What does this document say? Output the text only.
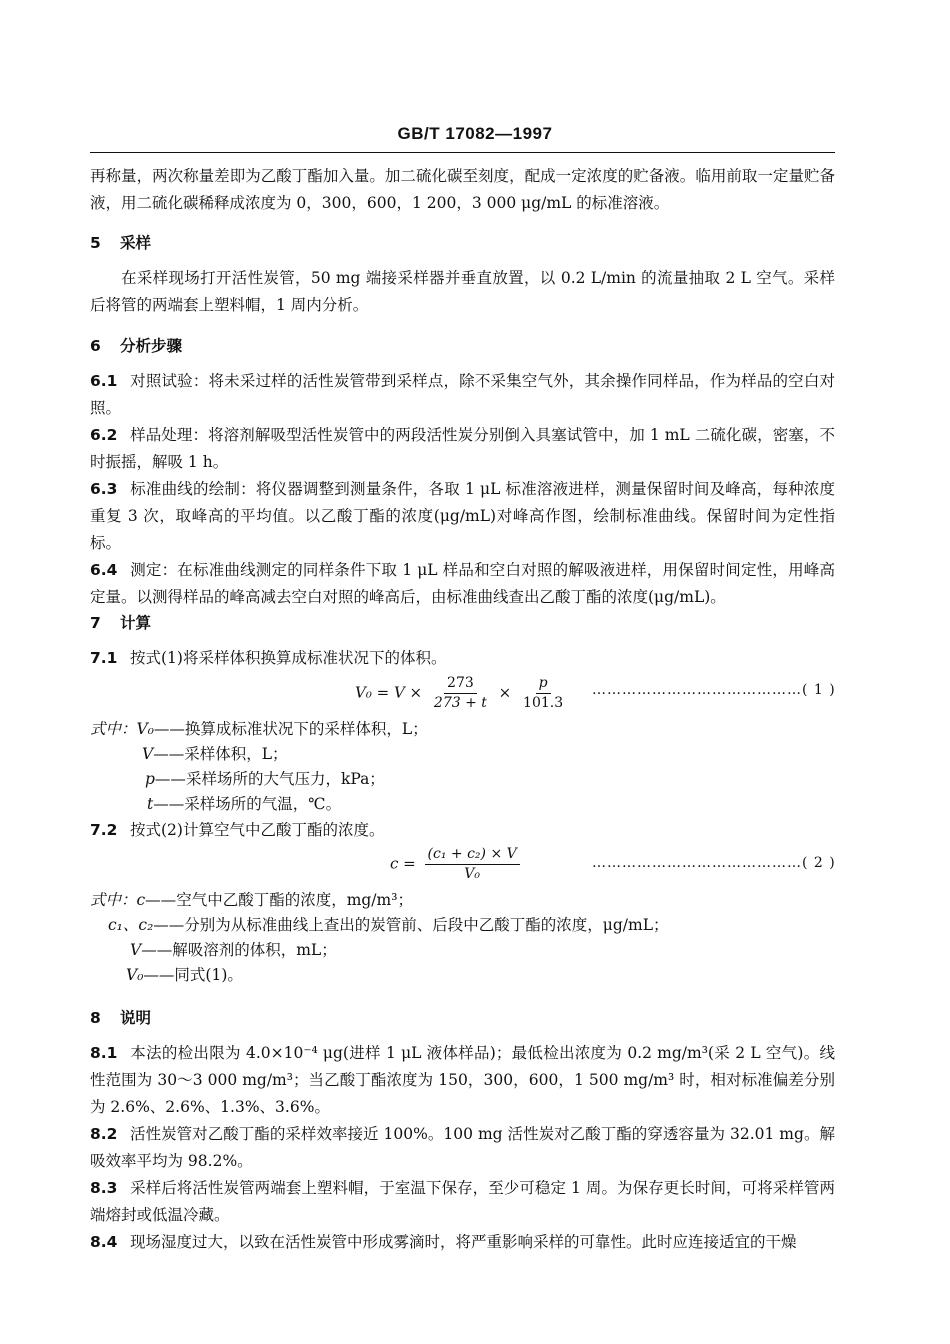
GB/T 17082—1997

再称量，两次称量差即为乙酸丁酯加入量。加二硫化碳至刻度，配成一定浓度的贮备液。临用前取一定量贮备液，用二硫化碳稀释成浓度为 0，300，600，1 200，3 000 μg/mL 的标准溶液。

5 采样

在采样现场打开活性炭管，50 mg 端接采样器并垂直放置，以 0.2 L/min 的流量抽取 2 L 空气。采样后将管的两端套上塑料帽，1 周内分析。

6 分析步骤

6.1 对照试验：将未采过样的活性炭管带到采样点，除不采集空气外，其余操作同样品，作为样品的空白对照。

6.2 样品处理：将溶剂解吸型活性炭管中的两段活性炭分别倒入具塞试管中，加 1 mL 二硫化碳，密塞，不时振摇，解吸 1 h。

6.3 标准曲线的绘制：将仪器调整到测量条件，各取 1 μL 标准溶液进样，测量保留时间及峰高，每种浓度重复 3 次，取峰高的平均值。以乙酸丁酯的浓度(μg/mL)对峰高作图，绘制标准曲线。保留时间为定性指标。

6.4 测定：在标准曲线测定的同样条件下取 1 μL 样品和空白对照的解吸液进样，用保留时间定性，用峰高定量。以测得样品的峰高减去空白对照的峰高后，由标准曲线查出乙酸丁酯的浓度(μg/mL)。

7 计算

7.1 按式(1)将采样体积换算成标准状况下的体积。

$V_0 = V \times \frac{273}{273 + t} \times \frac{p}{101.3}$ ……………………………………( 1 )
式中：V₀——换算成标准状况下的采样体积，L；
V——采样体积，L；
p——采样场所的大气压力，kPa；
t——采样场所的气温，℃。

7.2 按式(2)计算空气中乙酸丁酯的浓度。

$c = \frac{\text{(c₁ + c₂) × V}}{\text{V₀}}$	……………………………………( 2 )
式中：c——空气中乙酸丁酯的浓度，mg/m³；
c₁、c₂——分别为从标准曲线上查出的炭管前、后段中乙酸丁酯的浓度，μg/mL；
V——解吸溶剂的体积，mL；
V₀——同式(1)。

8 说明

8.1 本法的检出限为 4.0×10⁻⁴ μg(进样 1 μL 液体样品)；最低检出浓度为 0.2 mg/m³(采 2 L 空气)。线性范围为 30～3 000 mg/m³；当乙酸丁酯浓度为 150，300，600，1 500 mg/m³ 时，相对标准偏差分别为 2.6%、2.6%、1.3%、3.6%。

8.2 活性炭管对乙酸丁酯的采样效率接近 100%。100 mg 活性炭对乙酸丁酯的穿透容量为 32.01 mg。解吸效率平均为 98.2%。

8.3 采样后将活性炭管两端套上塑料帽，于室温下保存，至少可稳定 1 周。为保存更长时间，可将采样管两端熔封或低温冷藏。

8.4 现场湿度过大，以致在活性炭管中形成雾滴时，将严重影响采样的可靠性。此时应连接适宜的干燥
